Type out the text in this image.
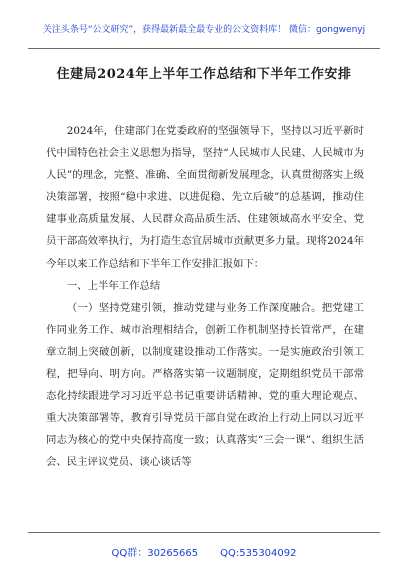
关注头条号“公文研究”，获得最新最全最专业的公文资料库！ 微信：gongwenyj
住建局2024年上半年工作总结和下半年工作安排

2024年，住建部门在党委政府的坚强领导下，坚持以习近平新时代中国特色社会主义思想为指导，坚持“人民城市人民建、人民城市为人民”的理念，完整、准确、全面贯彻新发展理念，认真贯彻落实上级决策部署，按照“稳中求进、以进促稳、先立后破”的总基调，推动住建事业高质量发展、人民群众高品质生活、住建领域高水平安全、党员干部高效率执行，为打造生态宜居城市贡献更多力量。现将2024年今年以来工作总结和下半年工作安排汇报如下：

一、上半年工作总结

（一）坚持党建引领，推动党建与业务工作深度融合。把党建工作同业务工作、城市治理相结合，创新工作机制坚持长管常严，在建章立制上突破创新，以制度建设推动工作落实。一是实施政治引领工程，把导向、明方向。严格落实第一议题制度，定期组织党员干部常态化持续跟进学习习近平总书记重要讲话精神、党的重大理论观点、重大决策部署等，教育引导党员干部自觉在政治上行动上同以习近平同志为核心的党中央保持高度一致；认真落实“三会一课”、组织生活会、民主评议党员、谈心谈话等

QQ群：30265665 QQ:535304092
